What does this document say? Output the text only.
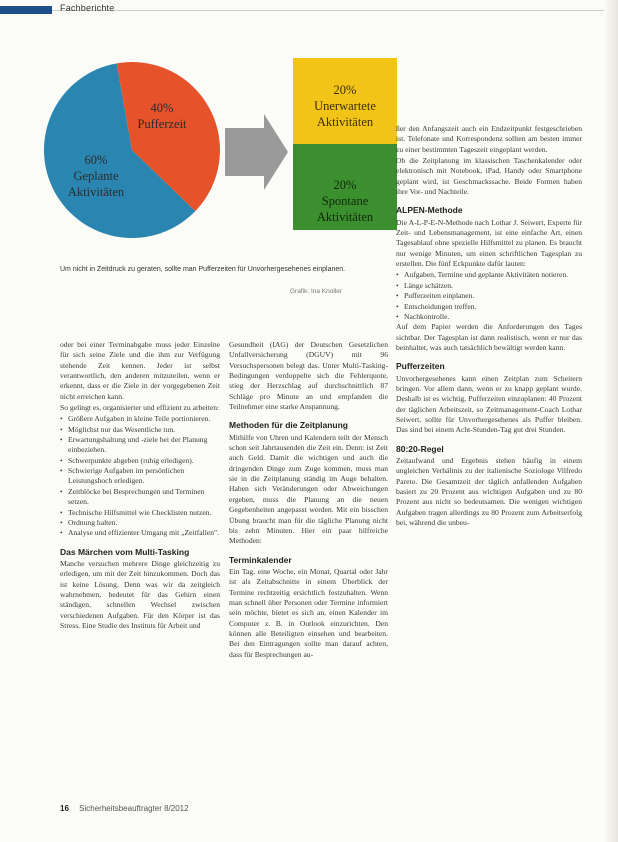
Fachberichte
40%
Pufferzeit
60%
Geplante
Aktivitäten
20%
Unerwartete
Aktivitäten
20%
Spontane
Aktivitäten
Um nicht in Zeitdruck zu geraten, sollte man Pufferzeiten für Unvorhergesehenes einplanen.
Grafik: Ina Knoller

oder bei einer Terminabgabe muss jeder Einzelne für sich seine Ziele und die ihm zur Verfügung stehende Zeit kennen. Jeder ist selbst verantwortlich, den anderen mitzuteilen, wenn er erkennt, dass er die Ziele in der vorgegebenen Zeit nicht erreichen kann.

So gelingt es, organisierter und effizient zu arbeiten:

• Größere Aufgaben in kleine Teile portionieren.
• Möglichst nur das Wesentliche tun.
• Erwartungshaltung und -ziele bei der Planung einbeziehen.
• Schwerpunkte abgeben (ruhig erledigen).
• Schwierige Aufgaben im persönlichen Leistungshoch erledigen.
• Zeitblöcke bei Besprechungen und Terminen setzen.
• Technische Hilfsmittel wie Checklisten nutzen.
• Ordnung halten.
• Analyse und effizienter Umgang mit „Zeitfallen".
Das Märchen vom Multi-Tasking

Manche versuchen mehrere Dinge gleichzeitig zu erledigen, um mit der Zeit hinzukommen. Doch das ist keine Lösung. Denn was wir da zeitgleich wahrnehmen, bedeutet für das Gehirn einen ständigen, schnellen Wechsel zwischen verschiedenen Aufgaben. Für den Körper ist das Stress. Eine Studie des Instituts für Arbeit und

Gesundheit (IAG) der Deutschen Gesetzlichen Unfallversicherung (DGUV) mit 96 Versuchspersonen belegt das. Unter Multi-Tasking-Bedingungen verdoppelte sich die Fehlerquote, stieg der Herzschlag auf durchschnittlich 87 Schläge pro Minute an und empfanden die Teilnehmer eine starke Anspannung.

Methoden für die Zeitplanung

Mithilfe von Uhren und Kalendern teilt der Mensch schon seit Jahrtausenden die Zeit ein. Denn: ist Zeit auch Geld. Damit die wichtigen und auch die dringenden Dinge zum Zuge kommen, muss man sie in die Zeitplanung ständig im Auge behalten. Haben sich Veränderungen oder Abweichungen ergeben, muss die Planung an die neuen Gegebenheiten angepasst werden. Mit ein bisschen Übung braucht man für die tägliche Planung nicht bis zehn Minuten. Hier ein paar hilfreiche Methoden:

Terminkalender

Ein Tag, eine Woche, ein Monat, Quartal oder Jahr ist als Zeitabschnitte in einem Überblick der Termine rechtzeitig ersichtlich festzuhalten. Wenn man schnell über Personen oder Termine informiert sein möchte, bietet es sich an, einen Kalender im Computer z. B. in Outlook einzurichten. Den können alle Beteiligten einsehen und bearbeiten. Bei den Eintragungen sollte man darauf achten, dass für Besprechungen au-

ßer den Anfangszeit auch ein Endzeitpunkt festgeschrieben ist. Telefonate und Korrespondenz sollten am besten immer zu einer bestimmten Tageszeit eingeplant werden.

Ob die Zeitplanung im klassischen Taschenkalender oder elektronisch mit Notebook, iPad, Handy oder Smartphone geplant wird, ist Geschmackssache. Beide Formen haben ihre Vor- und Nachteile.

ALPEN-Methode

Die A-L-P-E-N-Methode nach Lothar J. Seiwert, Experte für Zeit- und Lebensmanagement, ist eine einfache Art, einen Tagesablauf ohne spezielle Hilfsmittel zu planen. Es braucht nur wenige Minuten, um einen schriftlichen Tagesplan zu erstellen. Die fünf Eckpunkte dafür lauten:

• Aufgaben, Termine und geplante Aktivitäten notieren.
• Länge schätzen.
• Pufferzeiten einplanen.
• Entscheidungen treffen.
• Nachkontrolle.

Auf dem Papier werden die Anforderungen des Tages sichtbar. Der Tagesplan ist dann realistisch, wenn er nur das beinhaltet, was auch tatsächlich bewältigt werden kann.

Pufferzeiten

Unvorhergesehenes kann einen Zeitplan zum Scheitern bringen. Vor allem dann, wenn er zu knapp geplant wurde. Deshalb ist es wichtig, Pufferzeiten einzuplanen: 40 Prozent der täglichen Arbeitszeit, so Zeitmanagement-Coach Lothar Seiwert, sollte für Unvorhergesehenes als Puffer bleiben. Das sind bei einem Acht-Stunden-Tag gut drei Stunden.

80:20-Regel

Zeitaufwand und Ergebnis stehen häufig in einem ungleichen Verhältnis zu der italienische Soziologe Vilfredo Pareto. Die Gesamtzeit der täglich anfallenden Aufgaben basiert zu 20 Prozent aus wichtigen Aufgaben und zu 80 Prozent aus nicht so bedeutsamen. Die wenigen wichtigen Aufgaben tragen allerdings zu 80 Prozent zum Arbeitserfolg bei, während die unbeu-

16 Sicherheitsbeauftragter 8/2012
